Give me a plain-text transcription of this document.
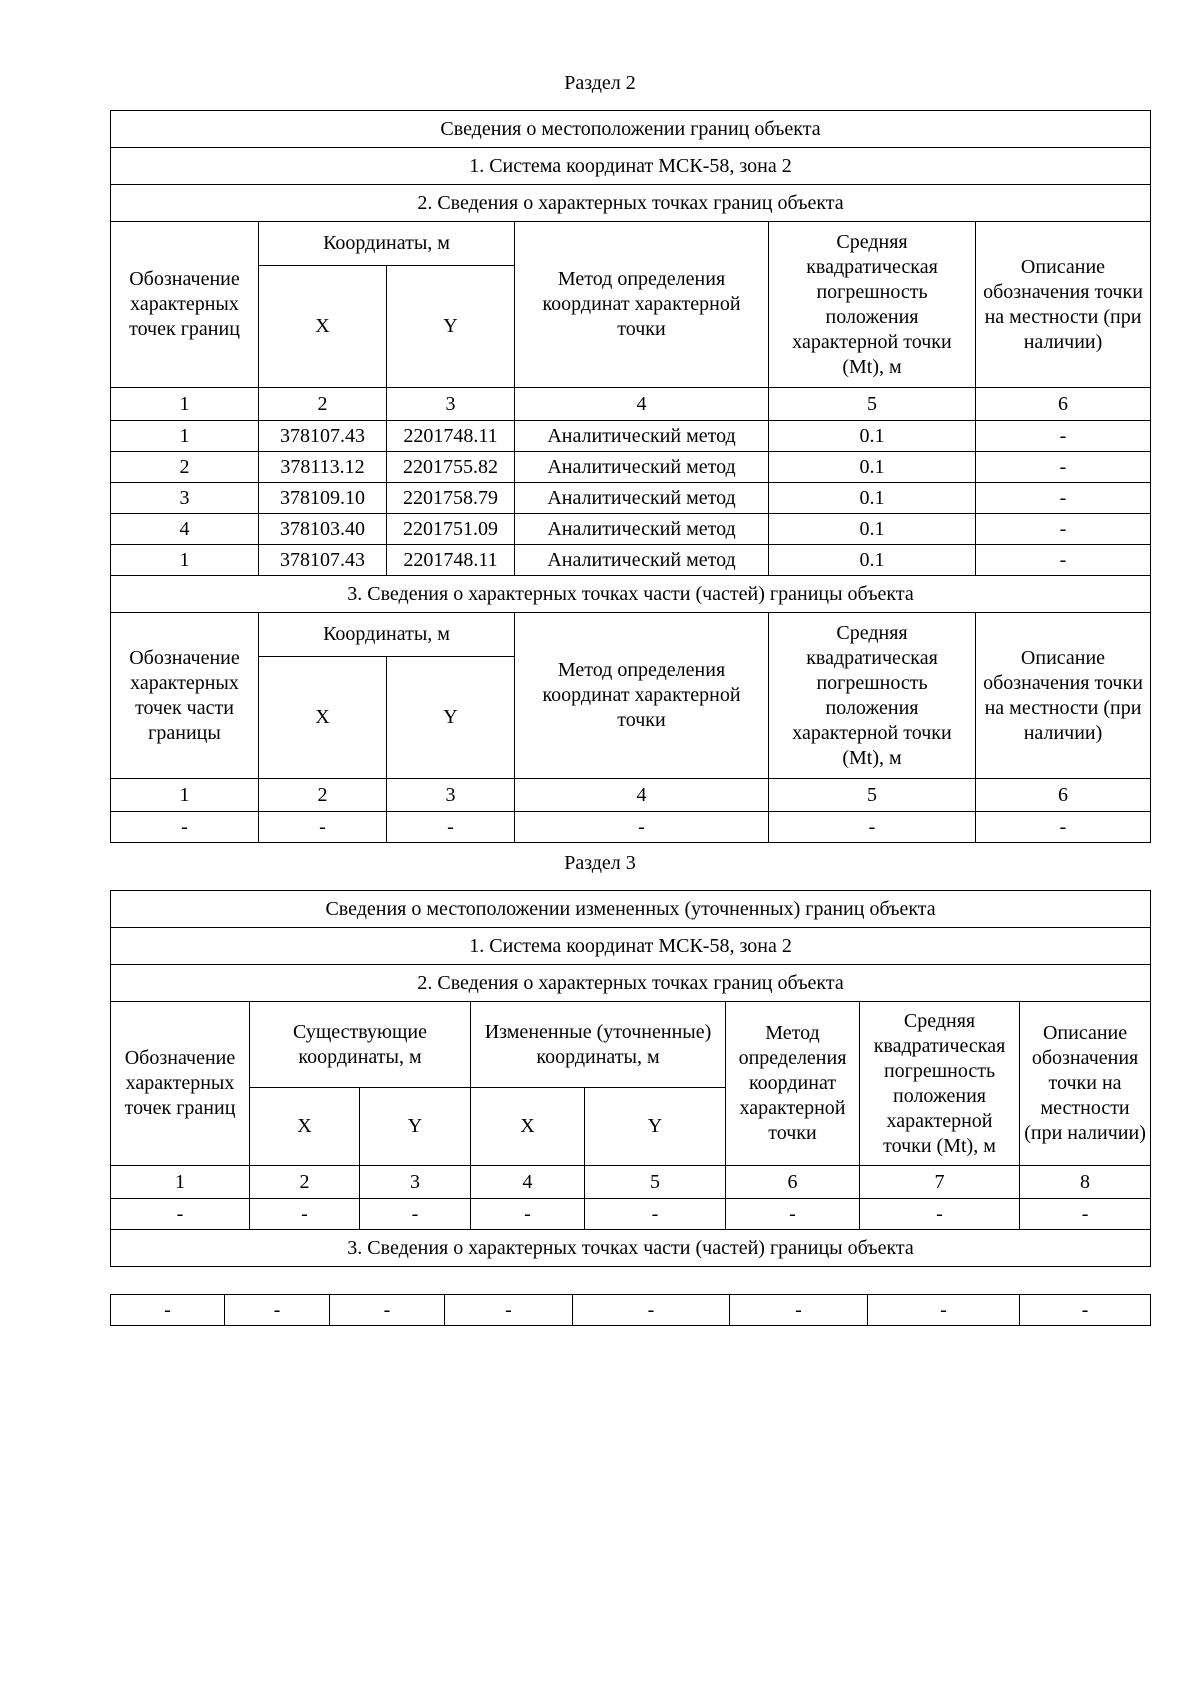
Раздел 2
Сведения о местоположении границ объекта					
1. Система координат МСК-58, зона 2					
2. Сведения о характерных точках границ объекта					
Обозначение характерных точек границ	Координаты, м		Метод определения координат характерной точки	Средняя квадратическая погрешность положения характерной точки (Mt), м	Описание обозначения точки на местности (при наличии)
	X	Y			
1	2	3	4	5	6
1	378107.43	2201748.11	Аналитический метод	0.1	-
2	378113.12	2201755.82	Аналитический метод	0.1	-
3	378109.10	2201758.79	Аналитический метод	0.1	-
4	378103.40	2201751.09	Аналитический метод	0.1	-
1	378107.43	2201748.11	Аналитический метод	0.1	-
3. Сведения о характерных точках части (частей) границы объекта					
Обозначение характерных точек части границы	Координаты, м		Метод определения координат характерной точки	Средняя квадратическая погрешность положения характерной точки (Mt), м	Описание обозначения точки на местности (при наличии)
	X	Y			
1	2	3	4	5	6
-	-	-	-	-	-
Раздел 3
Сведения о местоположении измененных (уточненных) границ объекта							
1. Система координат МСК-58, зона 2							
2. Сведения о характерных точках границ объекта							
Обозначение характерных точек границ	Существующие координаты, м		Измененные (уточненные) координаты, м		Метод определения координат характерной точки	Средняя квадратическая погрешность положения характерной точки (Mt), м	Описание обозначения точки на местности (при наличии)
	X	Y	X	Y			
1	2	3	4	5	6	7	8
-	-	-	-	-	-	-	-
3. Сведения о характерных точках части (частей) границы объекта							
-	-	-	-	-	-	-	-
